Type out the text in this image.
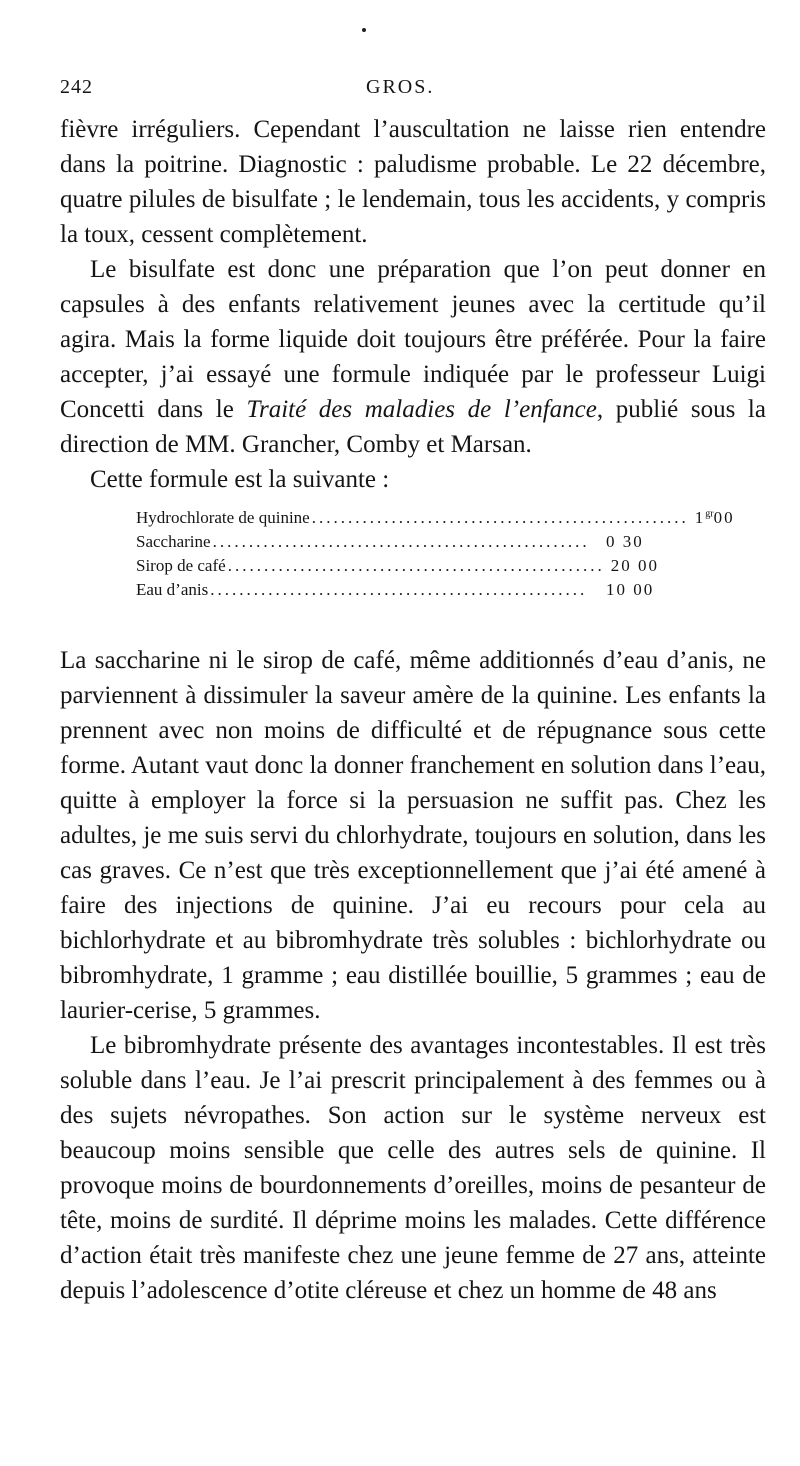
242	GROS.

fièvre irréguliers. Cependant l’auscultation ne laisse rien entendre dans la poitrine. Diagnostic : paludisme probable. Le 22 décembre, quatre pilules de bisulfate ; le lendemain, tous les accidents, y compris la toux, cessent complètement.

Le bisulfate est donc une préparation que l’on peut donner en capsules à des enfants relativement jeunes avec la certitude qu’il agira. Mais la forme liquide doit toujours être préférée. Pour la faire accepter, j’ai essayé une formule indiquée par le professeur Luigi Concetti dans le Traité des maladies de l’enfance, publié sous la direction de MM. Grancher, Comby et Marsan.

Cette formule est la suivante :

Hydrochlorate de quinine .................................................... $1^{gr}00$
Saccharine .................................................... 0 30
Sirop de café .................................................... 20 00
Eau d’anis ....................................................	10 00

La saccharine ni le sirop de café, même additionnés d’eau d’anis, ne parviennent à dissimuler la saveur amère de la quinine. Les enfants la prennent avec non moins de difficulté et de répugnance sous cette forme. Autant vaut donc la donner franchement en solution dans l’eau, quitte à employer la force si la persuasion ne suffit pas. Chez les adultes, je me suis servi du chlorhydrate, toujours en solution, dans les cas graves. Ce n’est que très exceptionnellement que j’ai été amené à faire des injections de quinine. J’ai eu recours pour cela au bichlorhydrate et au bibromhydrate très solubles : bichlorhydrate ou bibromhydrate, 1 gramme ; eau distillée bouillie, 5 grammes ; eau de laurier-cerise, 5 grammes.

Le bibromhydrate présente des avantages incontestables. Il est très soluble dans l’eau. Je l’ai prescrit principalement à des femmes ou à des sujets névropathes. Son action sur le système nerveux est beaucoup moins sensible que celle des autres sels de quinine. Il provoque moins de bourdonnements d’oreilles, moins de pesanteur de tête, moins de surdité. Il déprime moins les malades. Cette différence d’action était très manifeste chez une jeune femme de 27 ans, atteinte depuis l’adolescence d’otite cléreuse et chez un homme de 48 ans
